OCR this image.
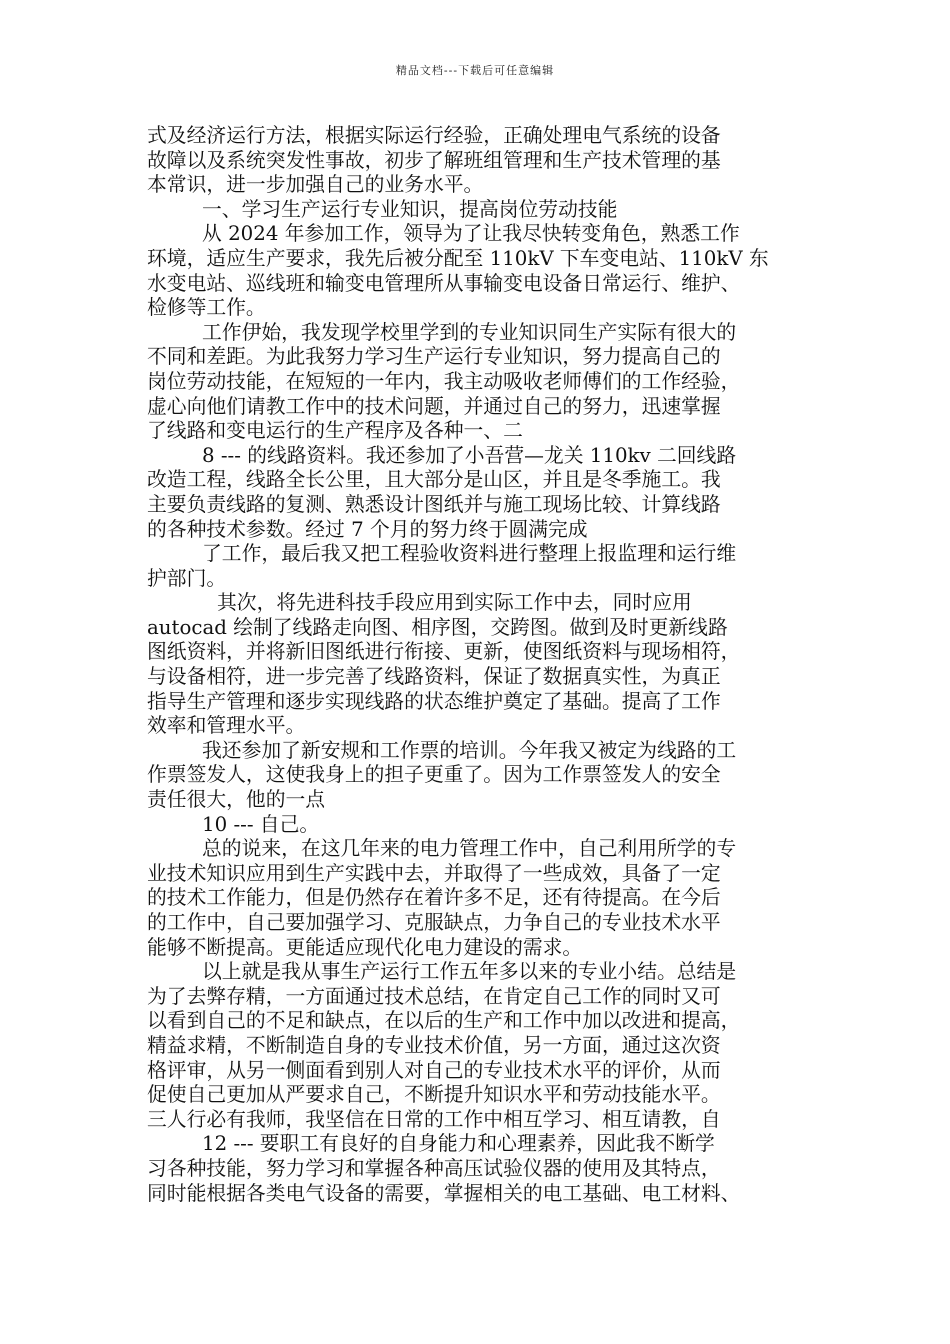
精品文档---下载后可任意编辑
式及经济运行方法，根据实际运行经验，正确处理电气系统的设备
故障以及系统突发性事故，初步了解班组管理和生产技术管理的基
本常识，进一步加强自己的业务水平。
一、学习生产运行专业知识，提高岗位劳动技能
从 2024 年参加工作，领导为了让我尽快转变角色，熟悉工作
环境，适应生产要求，我先后被分配至 110kV 下车变电站、110kV 东
水变电站、巡线班和输变电管理所从事输变电设备日常运行、维护、
检修等工作。
工作伊始，我发现学校里学到的专业知识同生产实际有很大的
不同和差距。为此我努力学习生产运行专业知识，努力提高自己的
岗位劳动技能，在短短的一年内，我主动吸收老师傅们的工作经验，
虚心向他们请教工作中的技术问题，并通过自己的努力，迅速掌握
了线路和变电运行的生产程序及各种一、二
8 --- 的线路资料。我还参加了小吾营—龙关 110kv 二回线路
改造工程，线路全长公里，且大部分是山区，并且是冬季施工。我
主要负责线路的复测、熟悉设计图纸并与施工现场比较、计算线路
的各种技术参数。经过 7 个月的努力终于圆满完成
了工作，最后我又把工程验收资料进行整理上报监理和运行维
护部门。
其次，将先进科技手段应用到实际工作中去，同时应用
autocad 绘制了线路走向图、相序图，交跨图。做到及时更新线路
图纸资料，并将新旧图纸进行衔接、更新，使图纸资料与现场相符，
与设备相符，进一步完善了线路资料，保证了数据真实性，为真正
指导生产管理和逐步实现线路的状态维护奠定了基础。提高了工作
效率和管理水平。
我还参加了新安规和工作票的培训。今年我又被定为线路的工
作票签发人，这使我身上的担子更重了。因为工作票签发人的安全
责任很大，他的一点
10 --- 自己。
总的说来，在这几年来的电力管理工作中，自己利用所学的专
业技术知识应用到生产实践中去，并取得了一些成效，具备了一定
的技术工作能力，但是仍然存在着许多不足，还有待提高。在今后
的工作中，自己要加强学习、克服缺点，力争自己的专业技术水平
能够不断提高。更能适应现代化电力建设的需求。
以上就是我从事生产运行工作五年多以来的专业小结。总结是
为了去弊存精，一方面通过技术总结，在肯定自己工作的同时又可
以看到自己的不足和缺点，在以后的生产和工作中加以改进和提高，
精益求精，不断制造自身的专业技术价值，另一方面，通过这次资
格评审，从另一侧面看到别人对自己的专业技术水平的评价，从而
促使自己更加从严要求自己，不断提升知识水平和劳动技能水平。
三人行必有我师，我坚信在日常的工作中相互学习、相互请教，自
12 --- 要职工有良好的自身能力和心理素养，因此我不断学
习各种技能，努力学习和掌握各种高压试验仪器的使用及其特点，
同时能根据各类电气设备的需要，掌握相关的电工基础、电工材料、
